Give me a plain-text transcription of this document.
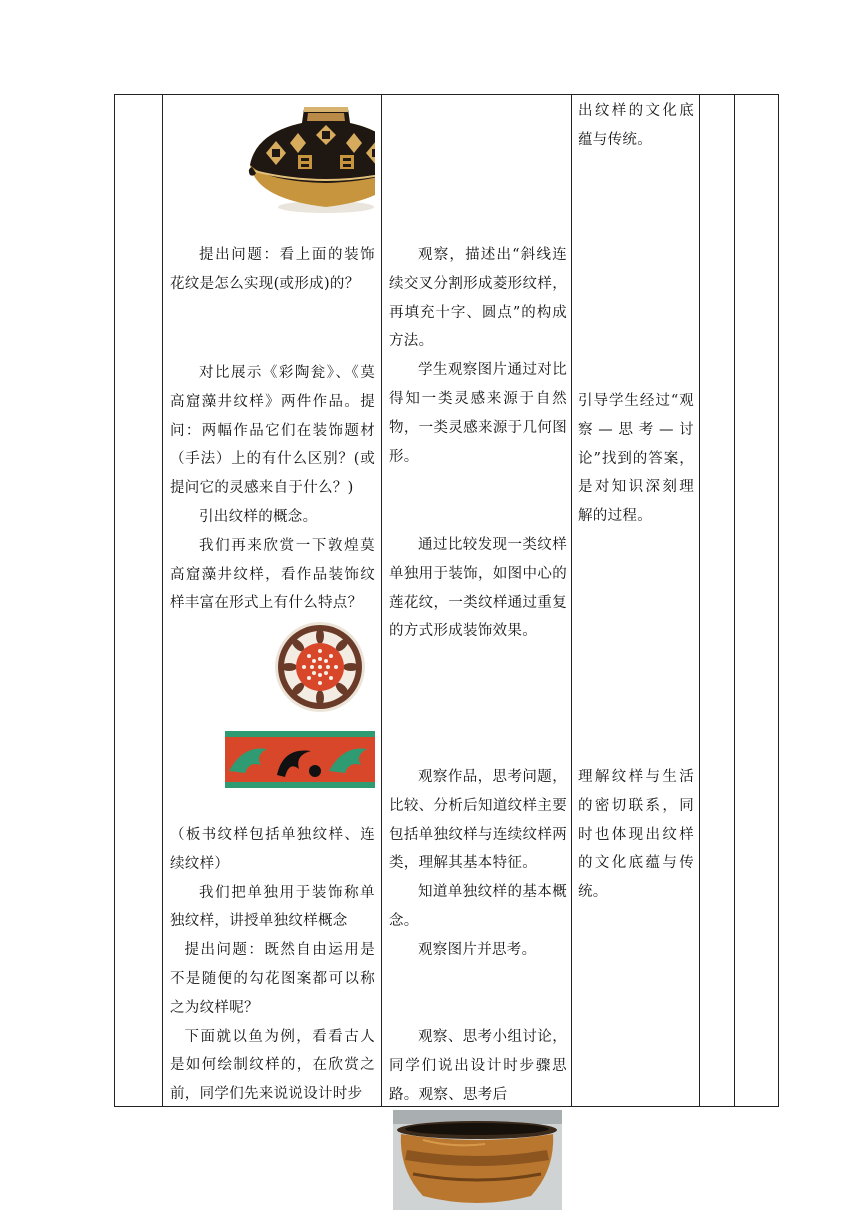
提出问题：看上面的装饰花纹是怎么实现(或形成)的？

对比展示《彩陶瓮》、《莫高窟藻井纹样》两件作品。提问：两幅作品它们在装饰题材（手法）上的有什么区别？(或提问它的灵感来自于什么？)

引出纹样的概念。

我们再来欣赏一下敦煌莫高窟藻井纹样，看作品装饰纹样丰富在形式上有什么特点？

（板书纹样包括单独纹样、连续纹样）

我们把单独用于装饰称单独纹样，讲授单独纹样概念

提出问题：既然自由运用是不是随便的勾花图案都可以称之为纹样呢？

下面就以鱼为例，看看古人是如何绘制纹样的，在欣赏之前，同学们先来说说设计时步

观察，描述出“斜线连续交叉分割形成菱形纹样，再填充十字、圆点”的构成方法。

学生观察图片通过对比得知一类灵感来源于自然物，一类灵感来源于几何图形。

通过比较发现一类纹样单独用于装饰，如图中心的莲花纹，一类纹样通过重复的方式形成装饰效果。

观察作品，思考问题，比较、分析后知道纹样主要包括单独纹样与连续纹样两类，理解其基本特征。

知道单独纹样的基本概念。

观察图片并思考。

观察、思考小组讨论，同学们说出设计时步骤思路。观察、思考后

出纹样的文化底蕴与传统。

引导学生经过“观察—思考—讨论”找到的答案，是对知识深刻理解的过程。

理解纹样与生活的密切联系，同时也体现出纹样的文化底蕴与传统。
